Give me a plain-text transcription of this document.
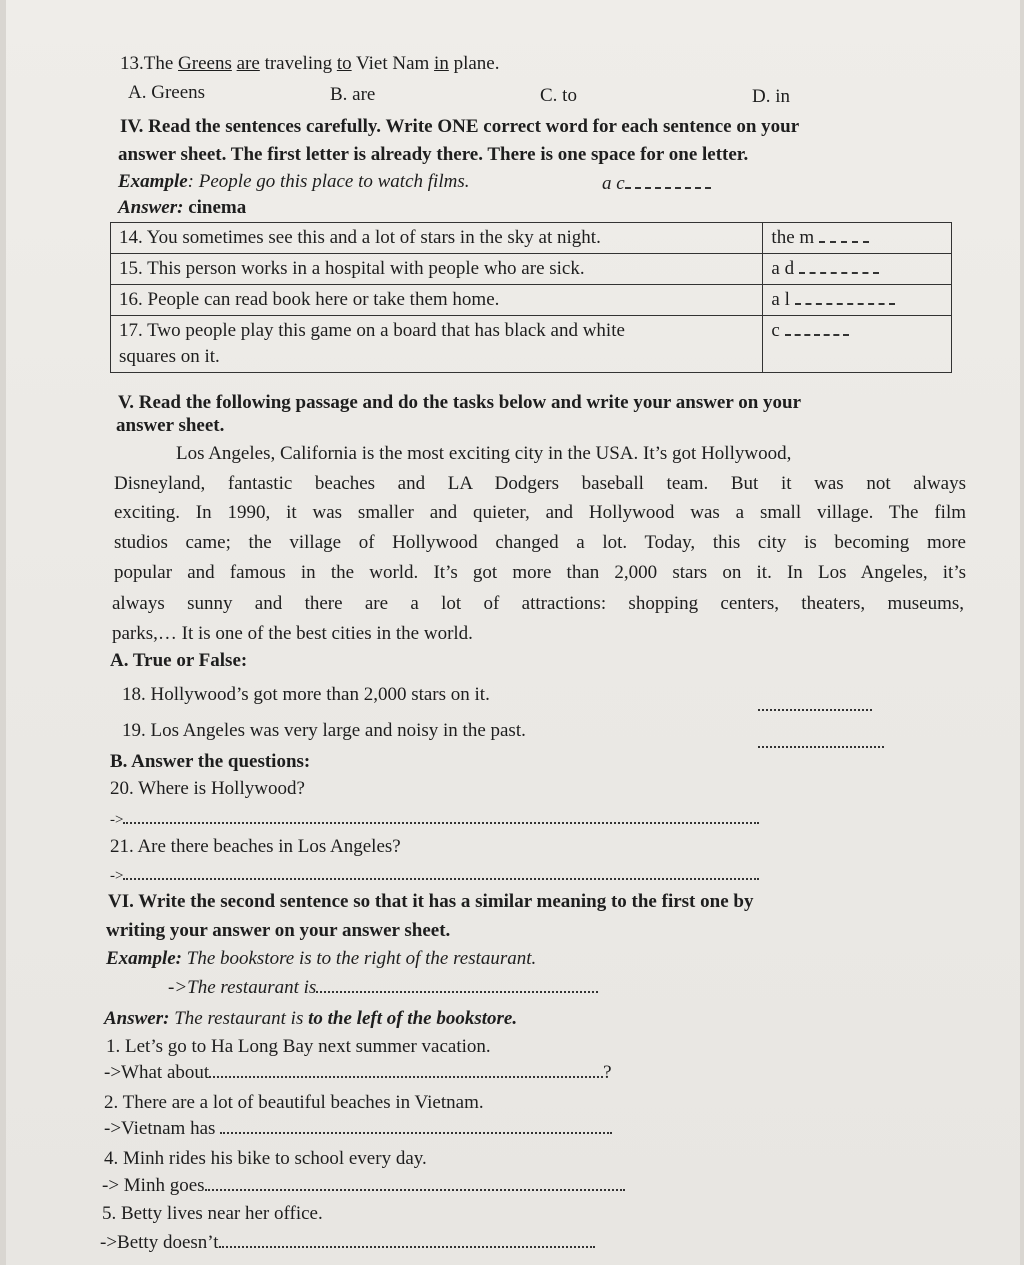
13.The Greens are traveling to Viet Nam in plane.
A. Greens	B. are	C. to	D. in
IV. Read the sentences carefully. Write ONE correct word for each sentence on your
answer sheet. The first letter is already there. There is one space for one letter.
Example: People go this place to watch films.	a c
Answer: cinema
14. You sometimes see this and a lot of stars in the sky at night.	the m
15. This person works in a hospital with people who are sick.	a d
16. People can read book here or take them home.	a l
17. Two people play this game on a board that has black and white
squares on it.	c
V. Read the following passage and do the tasks below and write your answer on your
answer sheet.
Los Angeles, California is the most exciting city in the USA. It’s got Hollywood,
Disneyland, fantastic beaches and LA Dodgers baseball team. But it was not always
exciting. In 1990, it was smaller and quieter, and Hollywood was a small village. The film
studios came; the village of Hollywood changed a lot. Today, this city is becoming more
popular and famous in the world. It’s got more than 2,000 stars on it. In Los Angeles, it’s
always sunny and there are a lot of attractions: shopping centers, theaters, museums,
parks,… It is one of the best cities in the world.
A. True or False:
18. Hollywood’s got more than 2,000 stars on it.
19. Los Angeles was very large and noisy in the past.
B. Answer the questions:
20. Where is Hollywood?
->
21. Are there beaches in Los Angeles?
->
VI. Write the second sentence so that it has a similar meaning to the first one by
writing your answer on your answer sheet.
Example: The bookstore is to the right of the restaurant.
->The restaurant is
Answer: The restaurant is to the left of the bookstore.
1. Let’s go to Ha Long Bay next summer vacation.
->What about	?
2. There are a lot of beautiful beaches in Vietnam.
->Vietnam has
4. Minh rides his bike to school every day.
-> Minh goes
5. Betty lives near her office.
->Betty doesn’t
